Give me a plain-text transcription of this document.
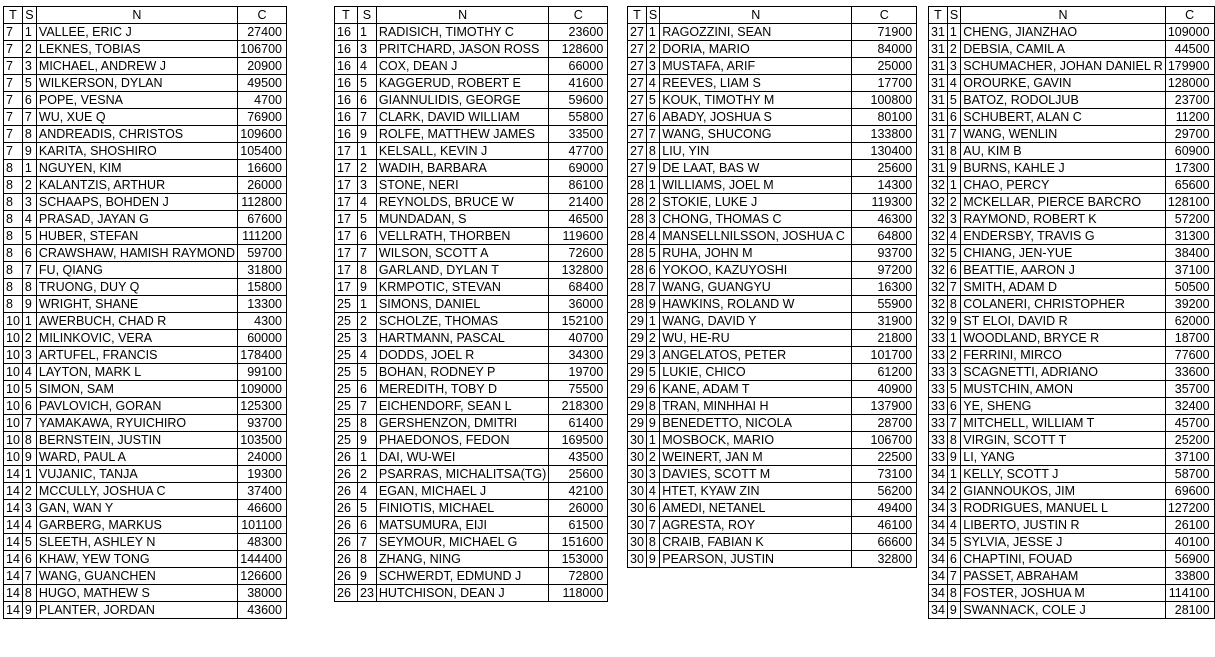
T	S	N	C
7	1	VALLEE, ERIC J	27400
7	2	LEKNES, TOBIAS	106700
7	3	MICHAEL, ANDREW J	20900
7	5	WILKERSON, DYLAN	49500
7	6	POPE, VESNA	4700
7	7	WU, XUE Q	76900
7	8	ANDREADIS, CHRISTOS	109600
7	9	KARITA, SHOSHIRO	105400
8	1	NGUYEN, KIM	16600
8	2	KALANTZIS, ARTHUR	26000
8	3	SCHAAPS, BOHDEN J	112800
8	4	PRASAD, JAYAN G	67600
8	5	HUBER, STEFAN	111200
8	6	CRAWSHAW, HAMISH RAYMOND	59700
8	7	FU, QIANG	31800
8	8	TRUONG, DUY Q	15800
8	9	WRIGHT, SHANE	13300
10	1	AWERBUCH, CHAD R	4300
10	2	MILINKOVIC, VERA	60000
10	3	ARTUFEL, FRANCIS	178400
10	4	LAYTON, MARK L	99100
10	5	SIMON, SAM	109000
10	6	PAVLOVICH, GORAN	125300
10	7	YAMAKAWA, RYUICHIRO	93700
10	8	BERNSTEIN, JUSTIN	103500
10	9	WARD, PAUL A	24000
14	1	VUJANIC, TANJA	19300
14	2	MCCULLY, JOSHUA C	37400
14	3	GAN, WAN Y	46600
14	4	GARBERG, MARKUS	101100
14	5	SLEETH, ASHLEY N	48300
14	6	KHAW, YEW TONG	144400
14	7	WANG, GUANCHEN	126600
14	8	HUGO, MATHEW S	38000
14	9	PLANTER, JORDAN	43600
T	S	N	C
16	1	RADISICH, TIMOTHY C	23600
16	3	PRITCHARD, JASON ROSS	128600
16	4	COX, DEAN J	66000
16	5	KAGGERUD, ROBERT E	41600
16	6	GIANNULIDIS, GEORGE	59600
16	7	CLARK, DAVID WILLIAM	55800
16	9	ROLFE, MATTHEW JAMES	33500
17	1	KELSALL, KEVIN J	47700
17	2	WADIH, BARBARA	69000
17	3	STONE, NERI	86100
17	4	REYNOLDS, BRUCE W	21400
17	5	MUNDADAN, S	46500
17	6	VELLRATH, THORBEN	119600
17	7	WILSON, SCOTT A	72600
17	8	GARLAND, DYLAN T	132800
17	9	KRMPOTIC, STEVAN	68400
25	1	SIMONS, DANIEL	36000
25	2	SCHOLZE, THOMAS	152100
25	3	HARTMANN, PASCAL	40700
25	4	DODDS, JOEL R	34300
25	5	BOHAN, RODNEY P	19700
25	6	MEREDITH, TOBY D	75500
25	7	EICHENDORF, SEAN L	218300
25	8	GERSHENZON, DMITRI	61400
25	9	PHAEDONOS, FEDON	169500
26	1	DAI, WU-WEI	43500
26	2	PSARRAS, MICHALITSA(TG)	25600
26	4	EGAN, MICHAEL J	42100
26	5	FINIOTIS, MICHAEL	26000
26	6	MATSUMURA, EIJI	61500
26	7	SEYMOUR, MICHAEL G	151600
26	8	ZHANG, NING	153000
26	9	SCHWERDT, EDMUND J	72800
26	23	HUTCHISON, DEAN J	118000
T	S	N	C
27	1	RAGOZZINI, SEAN	71900
27	2	DORIA, MARIO	84000
27	3	MUSTAFA, ARIF	25000
27	4	REEVES, LIAM S	17700
27	5	KOUK, TIMOTHY M	100800
27	6	ABADY, JOSHUA S	80100
27	7	WANG, SHUCONG	133800
27	8	LIU, YIN	130400
27	9	DE LAAT, BAS W	25600
28	1	WILLIAMS, JOEL M	14300
28	2	STOKIE, LUKE J	119300
28	3	CHONG, THOMAS C	46300
28	4	MANSELLNILSSON, JOSHUA C	64800
28	5	RUHA, JOHN M	93700
28	6	YOKOO, KAZUYOSHI	97200
28	7	WANG, GUANGYU	16300
28	9	HAWKINS, ROLAND W	55900
29	1	WANG, DAVID Y	31900
29	2	WU, HE-RU	21800
29	3	ANGELATOS, PETER	101700
29	5	LUKIE, CHICO	61200
29	6	KANE, ADAM T	40900
29	8	TRAN, MINHHAI H	137900
29	9	BENEDETTO, NICOLA	28700
30	1	MOSBOCK, MARIO	106700
30	2	WEINERT, JAN M	22500
30	3	DAVIES, SCOTT M	73100
30	4	HTET, KYAW ZIN	56200
30	6	AMEDI, NETANEL	49400
30	7	AGRESTA, ROY	46100
30	8	CRAIB, FABIAN K	66600
30	9	PEARSON, JUSTIN	32800
T	S	N	C
31	1	CHENG, JIANZHAO	109000
31	2	DEBSIA, CAMIL A	44500
31	3	SCHUMACHER, JOHAN DANIEL R	179900
31	4	OROURKE, GAVIN	128000
31	5	BATOZ, RODOLJUB	23700
31	6	SCHUBERT, ALAN C	11200
31	7	WANG, WENLIN	29700
31	8	AU, KIM B	60900
31	9	BURNS, KAHLE J	17300
32	1	CHAO, PERCY	65600
32	2	MCKELLAR, PIERCE BARCRO	128100
32	3	RAYMOND, ROBERT K	57200
32	4	ENDERSBY, TRAVIS G	31300
32	5	CHIANG, JEN-YUE	38400
32	6	BEATTIE, AARON J	37100
32	7	SMITH, ADAM D	50500
32	8	COLANERI, CHRISTOPHER	39200
32	9	ST ELOI, DAVID R	62000
33	1	WOODLAND, BRYCE R	18700
33	2	FERRINI, MIRCO	77600
33	3	SCAGNETTI, ADRIANO	33600
33	5	MUSTCHIN, AMON	35700
33	6	YE, SHENG	32400
33	7	MITCHELL, WILLIAM T	45700
33	8	VIRGIN, SCOTT T	25200
33	9	LI, YANG	37100
34	1	KELLY, SCOTT J	58700
34	2	GIANNOUKOS, JIM	69600
34	3	RODRIGUES, MANUEL L	127200
34	4	LIBERTO, JUSTIN R	26100
34	5	SYLVIA, JESSE J	40100
34	6	CHAPTINI, FOUAD	56900
34	7	PASSET, ABRAHAM	33800
34	8	FOSTER, JOSHUA M	114100
34	9	SWANNACK, COLE J	28100
